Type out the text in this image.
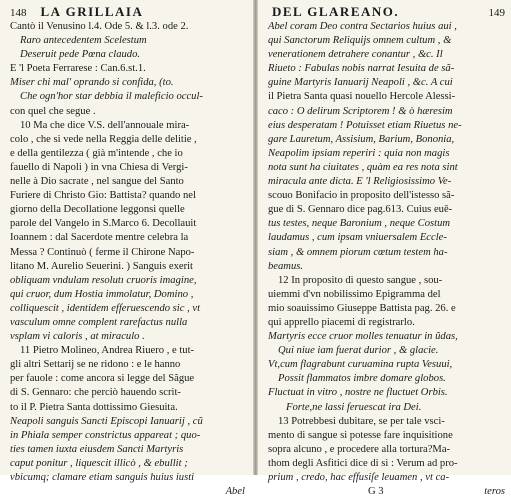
148 LA GRILLAIA
Cantò il Venusino l.4. Ode 5. & l.3. ode 2.
Raro antecedentem Scelestum
Deseruit pede Pœna claudo.
E 'l Poeta Ferrarese : Can.6.st.1.
Miser chi mal' oprando si confida, (to.
Che ogn'hor star debbia il maleficio occul-
con quel che segue .
10 Ma che dice V.S. dell'annouale mira-
colo , che si vede nella Reggia delle delitie ,
e della gentilezza ( già m'intende , che io
fauello di Napoli ) in vna Chiesa di Vergi-
nelle à Dio sacrate , nel sangue del Santo
Furiere di Christo Gio: Battista? quando nel
giorno della Decollatione leggonsi quelle
parole del Vangelo in S.Marco 6. Decollauit
Ioannem : dal Sacerdote mentre celebra la
Messa ? Continuò ( ferme il Chirone Napo-
litano M. Aurelio Seuerini. ) Sanguis exerit
obliquam vndulam resolutı cruoris imagine,
qui cruor, dum Hostia immolatur, Domino ,
colliquescit , identidem efferuescendo sic , vt
vasculum omne complent rarefactus nulla
vsplam vi caloris , at miraculo .
11 Pietro Molineo, Andrea Riuero , e tut-
gli altri Settarij se ne ridono : e le hanno
per fauole : come ancora si legge del Sãgue
di S. Gennaro: che perciò hauendo scrit-
to il P. Pietra Santa dottissimo Giesuita.
Neapoli sanguis Sancti Episcopi Ianuarij , cũ
in Phiala semper constrictus appareat ; quo-
ties tamen iuxta eiusdem Sancti Martyris
caput ponitur , liquescit illicò , & ebullit ;
vbicumq; clamare etiam sanguis huius iusti
Abel
DEL GLAREANO.	149
Abel coram Deo contra Sectarios huius aui ,
qui Sanctorum Reliquijs omnem cultum , &
venerationem detrahere conantur , &c. Il
Riueto : Fabulas nobis narrat Iesuita de sã-
guine Martyris Ianuarij Neapoli , &c. A cui
il Pietra Santa quasi nouello Hercole Alessi-
caco : O delirum Scriptorem ! & ò hæresim
eius desperatam ! Potuisset etiam Riuetus ne-
gare Lauretum, Assisium, Barium, Bononia,
Neapolim ipsiam reperiri : quia non magis
nota sunt ha ciuitates , quàm ea res nota sint
miracula ante dicta. E 'l Religiosissimo Ve-
scouo Bonifacio in proposito dell'istesso sã-
gue di S. Gennaro dice pag.613. Cuius euē-
tus testes, neque Baronium , neque Costum
laudamus , cum ipsam vniuersalem Eccle-
siam , & omnem piorum cœtum testem ha-
beamus.
12 In proposito di questo sangue , sou-
uiemmi d'vn nobilissimo Epigramma del
mio soauissimo Giuseppe Battista pag. 26. e
qui apprello piacemi di registrarlo.
Martyris ecce cruor molles tenuatur in ũdas,
Qui niue iam fuerat durior , & glacie.
Vt,cum flagrabunt curuamina rupta Vesuui,
Possit flammatos imbre domare globos.
Fluctuat in vitro , nostre ne fluctuet Orbis.
Forte,ne lassi feruescat ira Dei.
13 Potrebbesi dubitare, se per tale vsci-
mento di sangue si potesse fare inquisitione
sopra alcuno , e procedere alla tortura?Ma-
thom degli Asfitici dice di sì : Verum ad pro-
prium , credo, hac effusiſe leuamen , vt ca-
G 3	teros
